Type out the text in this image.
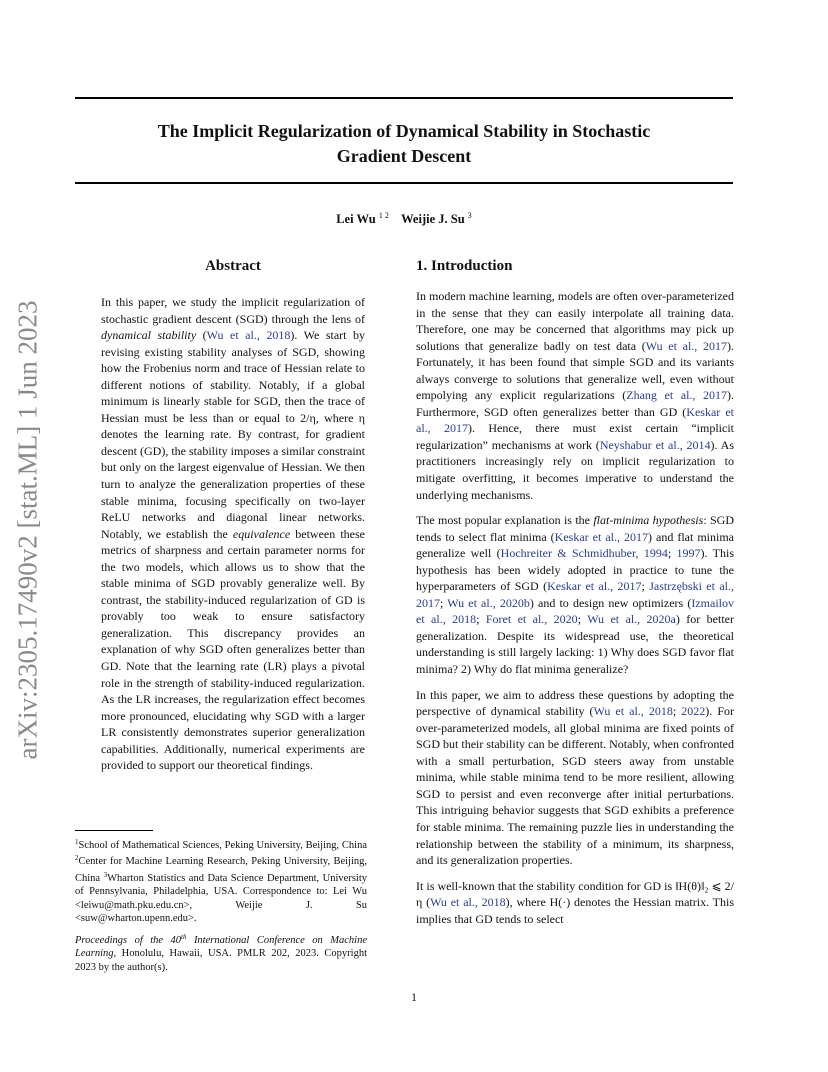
The Implicit Regularization of Dynamical Stability in Stochastic
Gradient Descent
Lei Wu $^{1 2}$ Weijie J. Su $^3$
arXiv:2305.17490v2 [stat.ML] 1 Jun 2023
Abstract
In this paper, we study the implicit regularization of stochastic gradient descent (SGD) through the lens of dynamical stability (Wu et al., 2018). We start by revising existing stability analyses of SGD, showing how the Frobenius norm and trace of Hessian relate to different notions of stability. Notably, if a global minimum is linearly stable for SGD, then the trace of Hessian must be less than or equal to 2/η, where η denotes the learning rate. By contrast, for gradient descent (GD), the stability imposes a similar constraint but only on the largest eigenvalue of Hessian. We then turn to analyze the generalization properties of these stable minima, focusing specifically on two-layer ReLU networks and diagonal linear networks. Notably, we establish the equivalence between these metrics of sharpness and certain parameter norms for the two models, which allows us to show that the stable minima of SGD provably generalize well. By contrast, the stability-induced regularization of GD is provably too weak to ensure satisfactory generalization. This discrepancy provides an explanation of why SGD often generalizes better than GD. Note that the learning rate (LR) plays a pivotal role in the strength of stability-induced regularization. As the LR increases, the regularization effect becomes more pronounced, elucidating why SGD with a larger LR consistently demonstrates superior generalization capabilities. Additionally, numerical experiments are provided to support our theoretical findings.
1. Introduction

In modern machine learning, models are often over-parameterized in the sense that they can easily interpolate all training data. Therefore, one may be concerned that algorithms may pick up solutions that generalize badly on test data (Wu et al., 2017). Fortunately, it has been found that simple SGD and its variants always converge to solutions that generalize well, even without empolying any explicit regularizations (Zhang et al., 2017). Furthermore, SGD often generalizes better than GD (Keskar et al., 2017). Hence, there must exist certain “implicit regularization” mechanisms at work (Neyshabur et al., 2014). As practitioners increasingly rely on implicit regularization to mitigate overfitting, it becomes imperative to understand the underlying mechanisms.

The most popular explanation is the flat-minima hypothesis: SGD tends to select flat minima (Keskar et al., 2017) and flat minima generalize well (Hochreiter & Schmidhuber, 1994; 1997). This hypothesis has been widely adopted in practice to tune the hyperparameters of SGD (Keskar et al., 2017; Jastrzębski et al., 2017; Wu et al., 2020b) and to design new optimizers (Izmailov et al., 2018; Foret et al., 2020; Wu et al., 2020a) for better generalization. Despite its widespread use, the theoretical understanding is still largely lacking: 1) Why does SGD favor flat minima? 2) Why do flat minima generalize?

In this paper, we aim to address these questions by adopting the perspective of dynamical stability (Wu et al., 2018; 2022). For over-parameterized models, all global minima are fixed points of SGD but their stability can be different. Notably, when confronted with a small perturbation, SGD steers away from unstable minima, while stable minima tend to be more resilient, allowing SGD to persist and even reconverge after initial perturbations. This intriguing behavior suggests that SGD exhibits a preference for stable minima. The remaining puzzle lies in understanding the relationship between the stability of a minimum, its sharpness, and its generalization properties.

It is well-known that the stability condition for GD is ‖H(θ)‖₂ ⩽ 2/η (Wu et al., 2018), where H(·) denotes the Hessian matrix. This implies that GD tends to select

$^1$School of Mathematical Sciences, Peking University, Beijing, China $^2$Center for Machine Learning Research, Peking University, Beijing, China $^3$Wharton Statistics and Data Science Department, University of Pennsylvania, Philadelphia, USA. Correspondence to: Lei Wu <leiwu@math.pku.edu.cn>, Weijie J. Su <suw@wharton.upenn.edu>.
Proceedings of the 40th International Conference on Machine Learning, Honolulu, Hawaii, USA. PMLR 202, 2023. Copyright 2023 by the author(s).
1
